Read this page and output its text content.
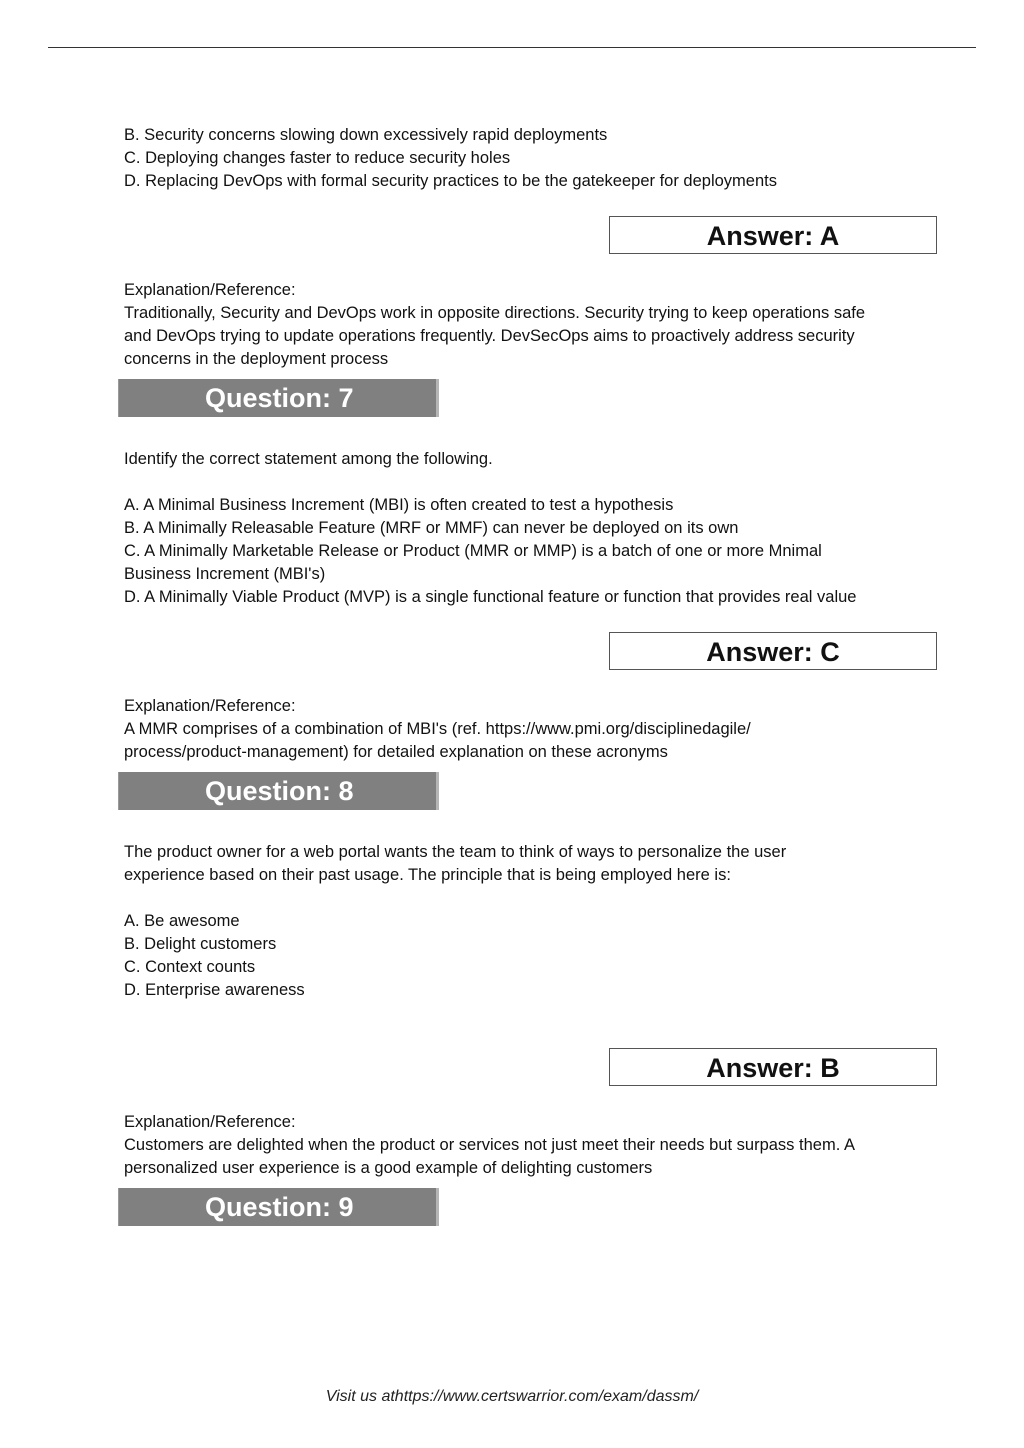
B. Security concerns slowing down excessively rapid deployments
C. Deploying changes faster to reduce security holes
D. Replacing DevOps with formal security practices to be the gatekeeper for deployments
Answer: A
Explanation/Reference:
Traditionally, Security and DevOps work in opposite directions. Security trying to keep operations safe
and DevOps trying to update operations frequently. DevSecOps aims to proactively address security
concerns in the deployment process
Question: 7
Identify the correct statement among the following.
A. A Minimal Business Increment (MBI) is often created to test a hypothesis
B. A Minimally Releasable Feature (MRF or MMF) can never be deployed on its own
C. A Minimally Marketable Release or Product (MMR or MMP) is a batch of one or more Mnimal
Business Increment (MBI's)
D. A Minimally Viable Product (MVP) is a single functional feature or function that provides real value
Answer: C
Explanation/Reference:
A MMR comprises of a combination of MBI's (ref. https://www.pmi.org/disciplinedagile/
process/product-management) for detailed explanation on these acronyms
Question: 8
The product owner for a web portal wants the team to think of ways to personalize the user
experience based on their past usage. The principle that is being employed here is:
A. Be awesome
B. Delight customers
C. Context counts
D. Enterprise awareness
Answer: B
Explanation/Reference:
Customers are delighted when the product or services not just meet their needs but surpass them. A
personalized user experience is a good example of delighting customers
Question: 9
Visit us athttps://www.certswarrior.com/exam/dassm/
